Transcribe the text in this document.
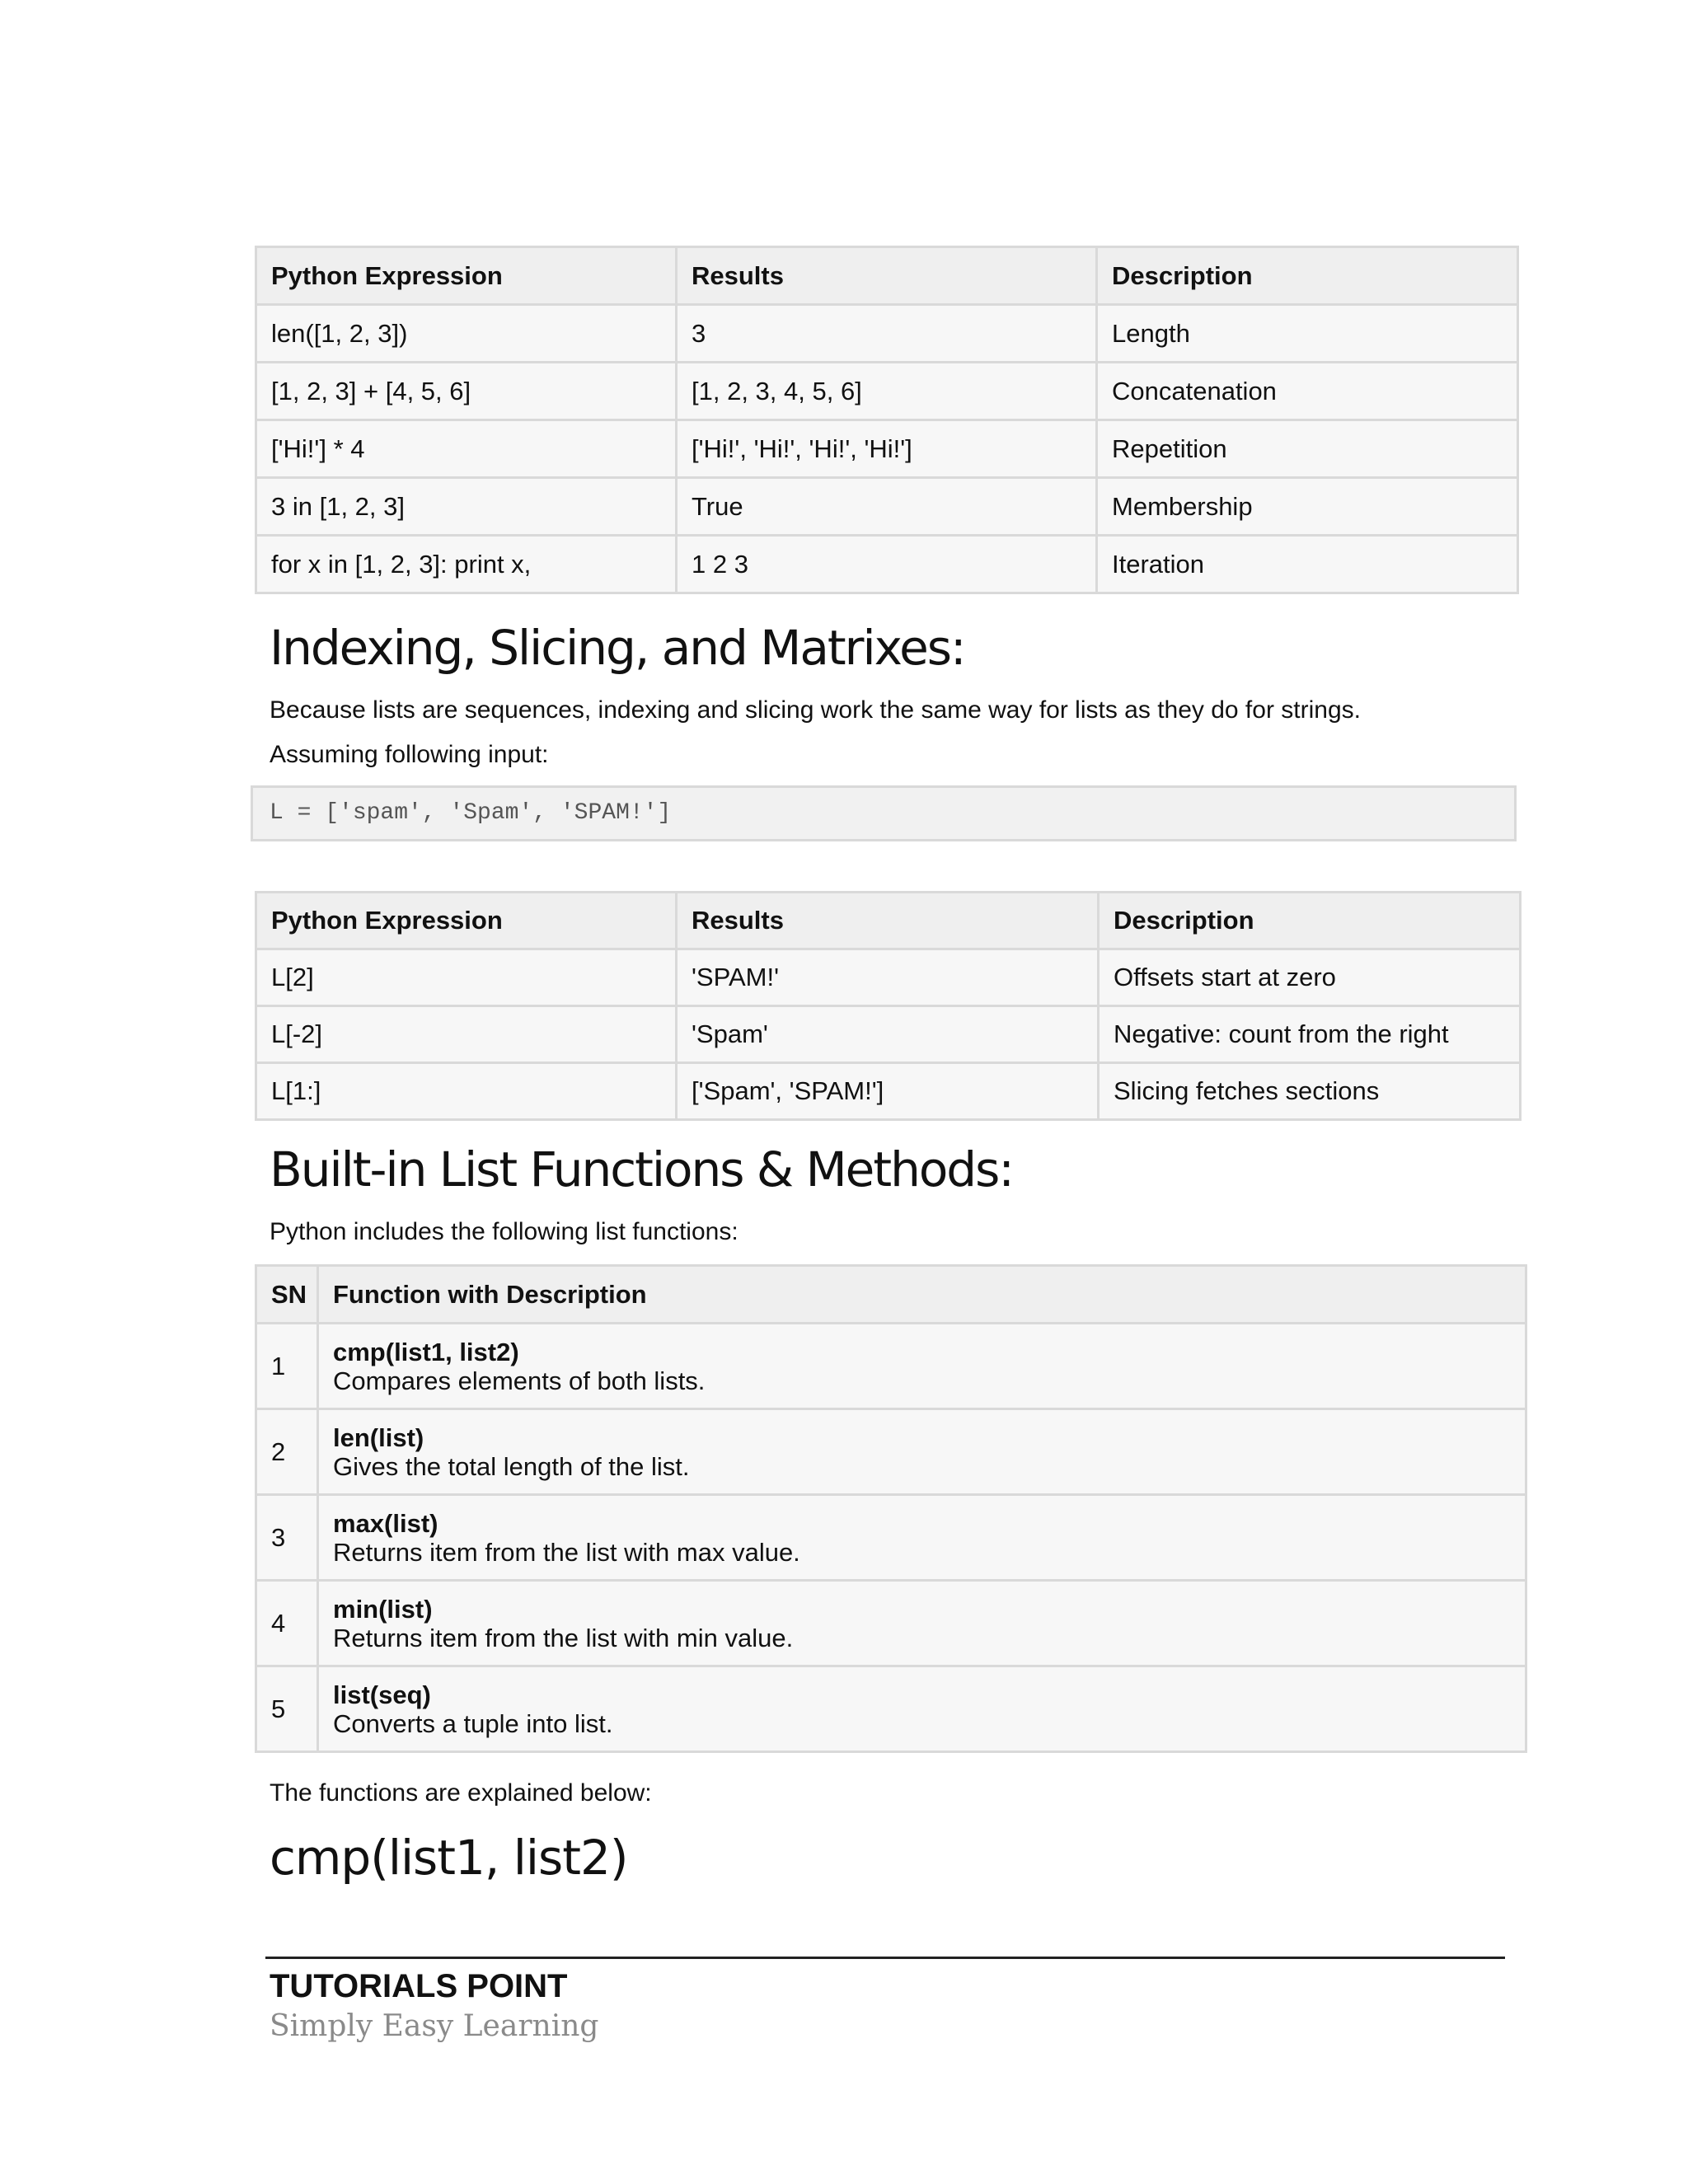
Python Expression	Results	Description
len([1, 2, 3])	3	Length
[1, 2, 3] + [4, 5, 6]	[1, 2, 3, 4, 5, 6]	Concatenation
['Hi!'] * 4	['Hi!', 'Hi!', 'Hi!', 'Hi!']	Repetition
3 in [1, 2, 3]	True	Membership
for x in [1, 2, 3]: print x,	1 2 3	Iteration
Indexing, Slicing, and Matrixes:

Because lists are sequences, indexing and slicing work the same way for lists as they do for strings.

Assuming following input:

L = ['spam', 'Spam', 'SPAM!']
Python Expression	Results	Description
L[2]	'SPAM!'	Offsets start at zero
L[-2]	'Spam'	Negative: count from the right
L[1:]	['Spam', 'SPAM!']	Slicing fetches sections
Built-in List Functions & Methods:

Python includes the following list functions:

SN	Function with Description
1	cmp(list1, list2)
Compares elements of both lists.

2	len(list)
Gives the total length of the list.

3	max(list)
Returns item from the list with max value.

4	min(list)
Returns item from the list with min value.

5	list(seq)
Converts a tuple into list.

The functions are explained below:

cmp(list1, list2)

TUTORIALS POINT

Simply Easy Learning
